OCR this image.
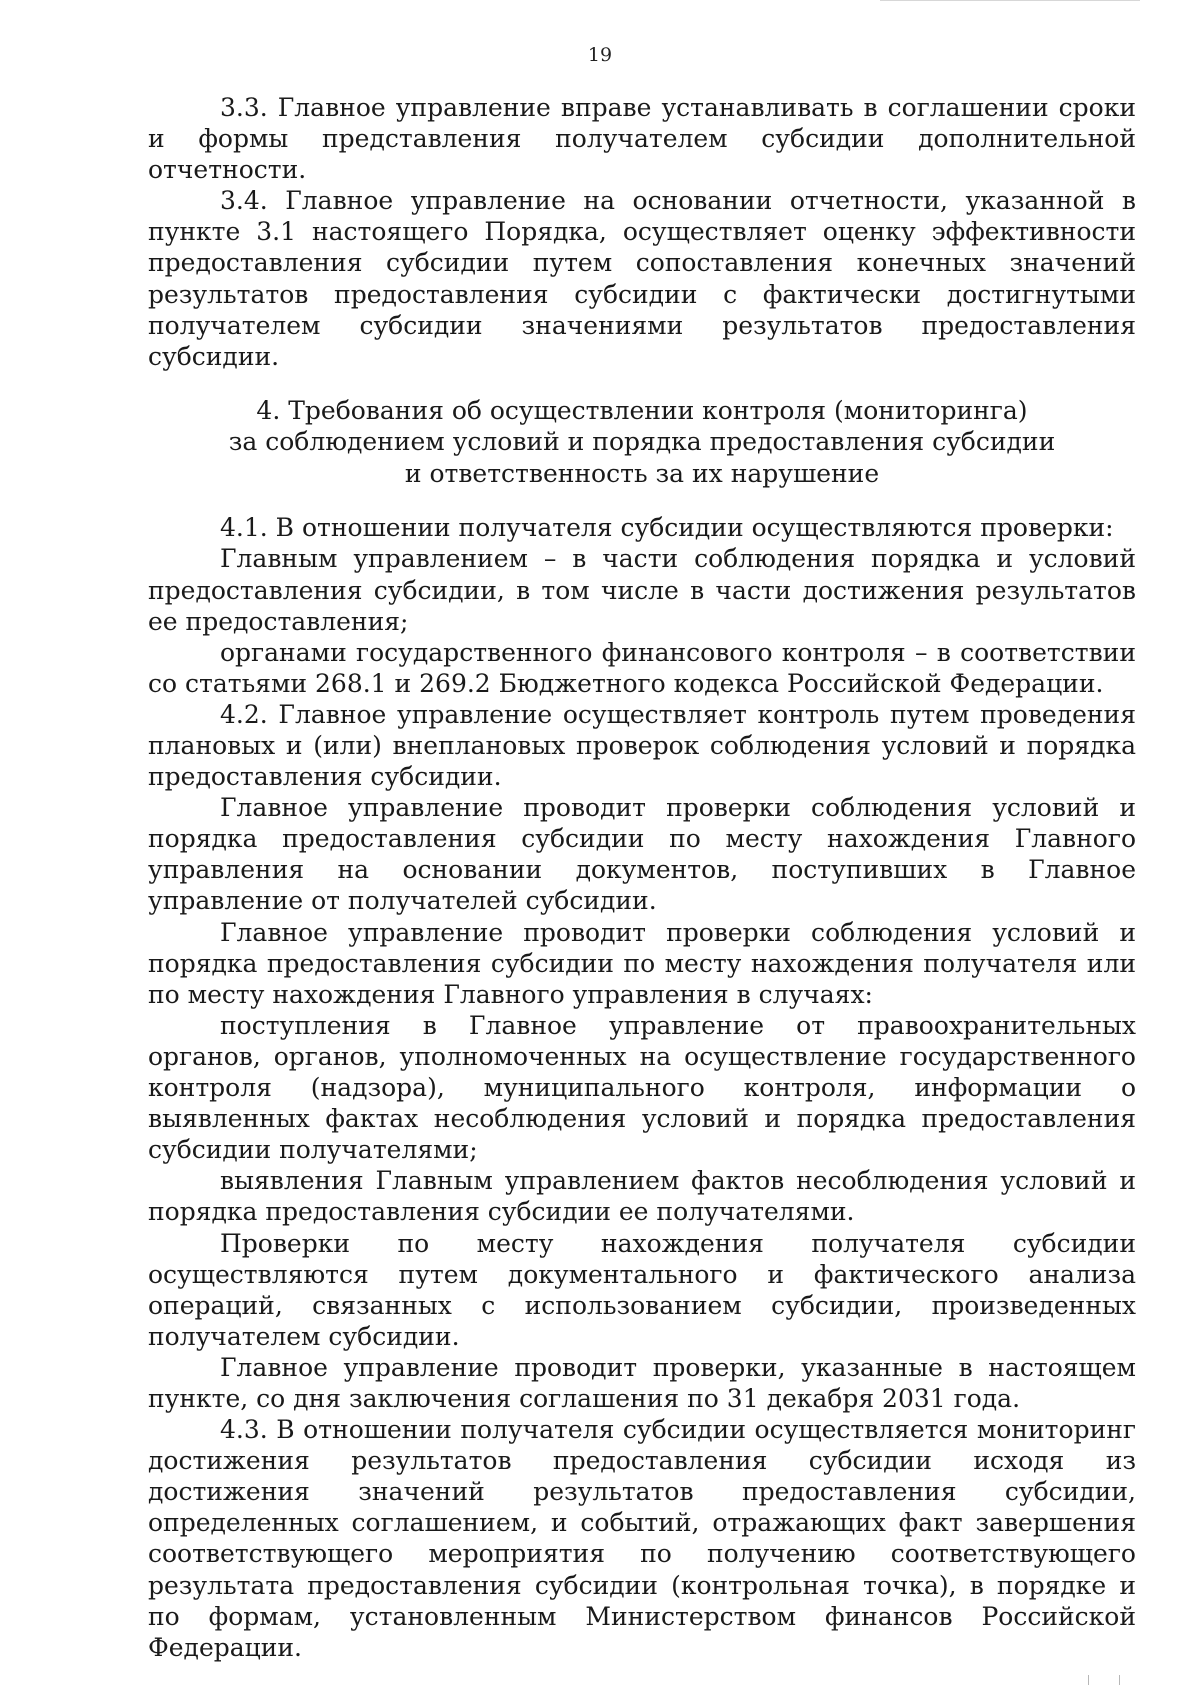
19

3.3. Главное управление вправе устанавливать в соглашении сроки и формы представления получателем субсидии дополнительной отчетности.

3.4. Главное управление на основании отчетности, указанной в пункте 3.1 настоящего Порядка, осуществляет оценку эффективности предоставления субсидии путем сопоставления конечных значений результатов предоставления субсидии с фактически достигнутыми получателем субсидии значениями результатов предоставления субсидии.

4. Требования об осуществлении контроля (мониторинга)
за соблюдением условий и порядка предоставления субсидии
и ответственность за их нарушение

4.1. В отношении получателя субсидии осуществляются проверки:

Главным управлением – в части соблюдения порядка и условий предоставления субсидии, в том числе в части достижения результатов ее предоставления;

органами государственного финансового контроля – в соответствии со статьями 268.1 и 269.2 Бюджетного кодекса Российской Федерации.

4.2. Главное управление осуществляет контроль путем проведения плановых и (или) внеплановых проверок соблюдения условий и порядка предоставления субсидии.

Главное управление проводит проверки соблюдения условий и порядка предоставления субсидии по месту нахождения Главного управления на основании документов, поступивших в Главное управление от получателей субсидии.

Главное управление проводит проверки соблюдения условий и порядка предоставления субсидии по месту нахождения получателя или по месту нахождения Главного управления в случаях:

поступления в Главное управление от правоохранительных органов, органов, уполномоченных на осуществление государственного контроля (надзора), муниципального контроля, информации о выявленных фактах несоблюдения условий и порядка предоставления субсидии получателями;

выявления Главным управлением фактов несоблюдения условий и порядка предоставления субсидии ее получателями.

Проверки по месту нахождения получателя субсидии осуществляются путем документального и фактического анализа операций, связанных с использованием субсидии, произведенных получателем субсидии.

Главное управление проводит проверки, указанные в настоящем пункте, со дня заключения соглашения по 31 декабря 2031 года.

4.3. В отношении получателя субсидии осуществляется мониторинг достижения результатов предоставления субсидии исходя из достижения значений результатов предоставления субсидии, определенных соглашением, и событий, отражающих факт завершения соответствующего мероприятия по получению соответствующего результата предоставления субсидии (контрольная точка), в порядке и по формам, установленным Министерством финансов Российской Федерации.
